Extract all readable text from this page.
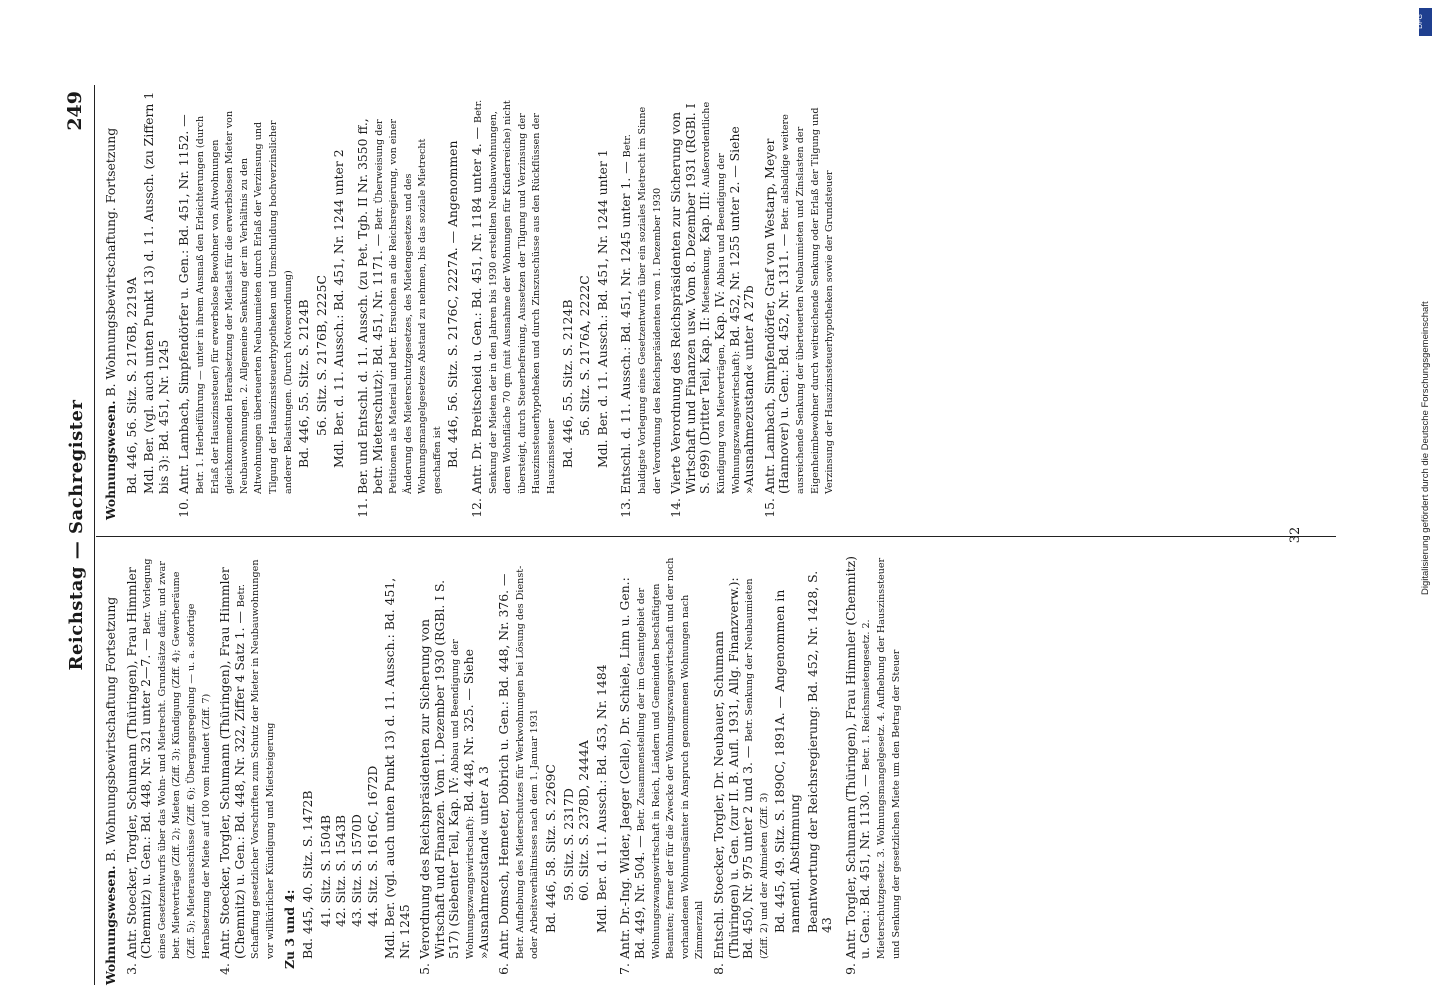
Reichstag — Sachregister
249
Wohnungswesen. B. Wohnungsbewirtschaftung Fortsetzung
3.
Antr. Stoecker, Torgler, Schumann (Thüringen), Frau Himmler (Chemnitz) u. Gen.: Bd. 448, Nr. 321 unter 2—7. — Betr. Vorlegung eines Gesetzentwurfs über das Wohn- und Mietrecht. Grundsätze dafür, und zwar betr. Mietverträge (Ziff. 2); Mieten (Ziff. 3); Kündigung (Ziff. 4); Gewerberäume (Ziff. 5); Mieterausschüsse (Ziff. 6); Übergangsregelung — u. a. sofortige Herabsetzung der Miete auf 100 vom Hundert (Ziff. 7)
4.
Antr. Stoecker, Torgler, Schumann (Thüringen), Frau Himmler (Chemnitz) u. Gen.: Bd. 448, Nr. 322, Ziffer 4 Satz 1. — Betr. Schaffung gesetzlicher Vorschriften zum Schutz der Mieter in Neubauwohnungen vor willkürlicher Kündigung und Mietsteigerung Zu 3 und 4: Bd. 445, 40. Sitz. S. 1472B 41. Sitz. S. 1504B 42. Sitz. S. 1543B 43. Sitz. S. 1570D 44. Sitz. S. 1616C, 1672D Mdl. Ber. (vgl. auch unten Punkt 13) d. 11. Aussch.: Bd. 451, Nr. 1245
5.
Verordnung des Reichspräsidenten zur Sicherung von Wirtschaft und Finanzen. Vom 1. Dezember 1930 (RGBl. I S. 517) (Siebenter Teil, Kap. IV: Abbau und Beendigung der Wohnungszwangswirtschaft): Bd. 448, Nr. 325. — Siehe »Ausnahmezustand« unter A 3
6.
Antr. Domsch, Hemeter, Döbrich u. Gen.: Bd. 448, Nr. 376. — Betr. Aufhebung des Mieterschutzes für Werkwohnungen bei Lösung des Dienst- oder Arbeitsverhältnisses nach dem 1. Januar 1931 Bd. 446, 58. Sitz. S. 2269C 59. Sitz. S. 2317D 60. Sitz. S. 2378D, 2444A Mdl. Ber. d. 11. Aussch.: Bd. 453, Nr. 1484
7.
Antr. Dr.-Ing. Wider, Jaeger (Celle), Dr. Schiele, Linn u. Gen.: Bd. 449, Nr. 504. — Betr. Zusammenstellung der im Gesamtgebiet der Wohnungszwangswirtschaft in Reich, Ländern und Gemeinden beschäftigten Beamten; ferner der für die Zwecke der Wohnungszwangswirtschaft und der noch vorhandenen Wohnungsämter in Anspruch genommenen Wohnungen nach Zimmerzahl
8.
Entschl. Stoecker, Torgler, Dr. Neubauer, Schumann (Thüringen) u. Gen. (zur II. B. Aufl. 1931, Allg. Finanzverw.): Bd. 450, Nr. 975 unter 2 und 3. — Betr. Senkung der Neubaumieten (Ziff. 2) und der Altmieten (Ziff. 3) Bd. 445, 49. Sitz. S. 1890C, 1891A. — Angenommen in namentl. Abstimmung Beantwortung der Reichsregierung: Bd. 452, Nr. 1428, S. 43
9.
Antr. Torgler, Schumann (Thüringen), Frau Himmler (Chemnitz) u. Gen.: Bd. 451, Nr. 1130. — Betr. 1. Reichsmietengesetz. 2. Mieterschutzgesetz. 3. Wohnungsmangelgesetz. 4. Aufhebung der Hauszinssteuer und Senkung der gesetzlichen Miete um den Betrag der Steuer
Wohnungswesen. B. Wohnungsbewirtschaftung. Fortsetzung Bd. 446, 56. Sitz. S. 2176B, 2219A Mdl. Ber. (vgl. auch unten Punkt 13) d. 11. Aussch. (zu Ziffern 1 bis 3): Bd. 451, Nr. 1245
10.
Antr. Lambach, Simpfendörfer u. Gen.: Bd. 451, Nr. 1152. — Betr. 1. Herbeiführung — unter in ihrem Ausmaß den Erleichterungen (durch Erlaß der Hauszinssteuer) für erwerbslose Bewohner von Altwohnungen gleichkommenden Herabsetzung der Mietlast für die erwerbslosen Mieter von Neubauwohnungen. 2. Allgemeine Senkung der im Verhältnis zu den Altwohnungen überteuerten Neubaumieten durch Erlaß der Verzinsung und Tilgung der Hauszinssteuerhypotheken und Umschuldung hochverzinslicher anderer Belastungen. (Durch Notverordnung) Bd. 446, 55. Sitz. S. 2124B 56. Sitz. S. 2176B, 2225C Mdl. Ber. d. 11. Aussch.: Bd. 451, Nr. 1244 unter 2
11.
Ber. und Entschl. d. 11. Aussch. (zu Pet. Tgb. II Nr. 3550 ff., betr. Mieterschutz): Bd. 451, Nr. 1171. — Betr. Überweisung der Petitionen als Material und betr. Ersuchen an die Reichsregierung, von einer Änderung des Mieterschutzgesetzes, des Mietengesetzes und des Wohnungsmangelgesetzes Abstand zu nehmen, bis das soziale Mietrecht geschaffen ist Bd. 446, 56. Sitz. S. 2176C, 2227A. — Angenommen
12.
Antr. Dr. Breitscheid u. Gen.: Bd. 451, Nr. 1184 unter 4. — Betr. Senkung der Mieten der in den Jahren bis 1930 erstellten Neubauwohnungen, deren Wohnfläche 70 qm (mit Ausnahme der Wohnungen für Kinderreiche) nicht übersteigt, durch Steuerbefreiung, Aussetzen der Tilgung und Verzinsung der Hauszinssteuerhypotheken und durch Zinszuschüsse aus den Rückflüssen der Hauszinssteuer Bd. 446, 55. Sitz. S. 2124B 56. Sitz. S. 2176A, 2222C Mdl. Ber. d. 11. Aussch.: Bd. 451, Nr. 1244 unter 1
13.
Entschl. d. 11. Aussch.: Bd. 451, Nr. 1245 unter 1. — Betr. baldigste Vorlegung eines Gesetzentwurfs über ein soziales Mietrecht im Sinne der Verordnung des Reichspräsidenten vom 1. Dezember 1930
14.
Vierte Verordnung des Reichspräsidenten zur Sicherung von Wirtschaft und Finanzen usw. Vom 8. Dezember 1931 (RGBl. I S. 699) (Dritter Teil, Kap. II: Mietsenkung, Kap. III: Außerordentliche Kündigung von Mietverträgen, Kap. IV: Abbau und Beendigung der Wohnungszwangswirtschaft): Bd. 452, Nr. 1255 unter 2. — Siehe »Ausnahmezustand« unter A 27b
15.
Antr. Lambach, Simpfendörfer, Graf von Westarp, Meyer (Hannover) u. Gen.: Bd. 452, Nr. 1311. — Betr. alsbaldige weitere ausreichende Senkung der überteuerten Neubaumieten und Zinslasten der Eigenheimbewohner durch weitreichende Senkung oder Erlaß der Tilgung und Verzinsung der Hauszinssteuerhypotheken sowie der Grundsteuer
32	Digitalisierung gefördert durch die Deutsche Forschungsgemeinschaft
DFG
